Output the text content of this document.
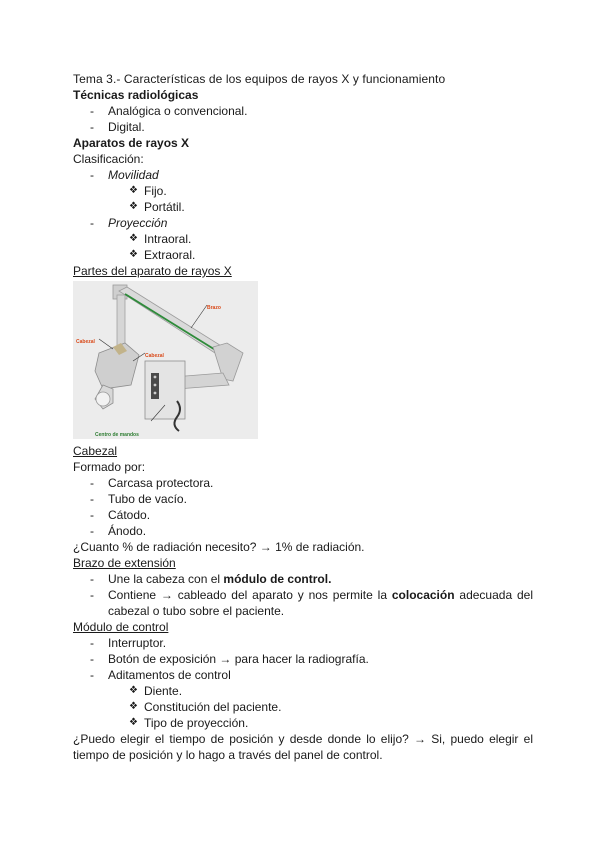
Tema 3.- Características de los equipos de rayos X y funcionamiento
Técnicas radiológicas
- Analógica o convencional.
- Digital.
Aparatos de rayos X
Clasificación:
- Movilidad
❖ Fijo.
❖ Portátil.
- Proyección
❖ Intraoral.
❖ Extraoral.
Partes del aparato de rayos X
Brazo
Cabezal
Cabezal
Centro de mandos
Cabezal
Formado por:
- Carcasa protectora.
- Tubo de vacío.
- Cátodo.
- Ánodo.
¿Cuanto % de radiación necesito? → 1% de radiación.
Brazo de extensión
- Une la cabeza con el módulo de control.
- Contiene → cableado del aparato y nos permite la colocación adecuada del cabezal o tubo sobre el paciente.
Módulo de control
- Interruptor.
- Botón de exposición → para hacer la radiografía.
- Aditamentos de control
❖ Diente.
❖ Constitución del paciente.
❖ Tipo de proyección.
¿Puedo elegir el tiempo de posición y desde donde lo elijo? → Si, puedo elegir el tiempo de posición y lo hago a través del panel de control.
